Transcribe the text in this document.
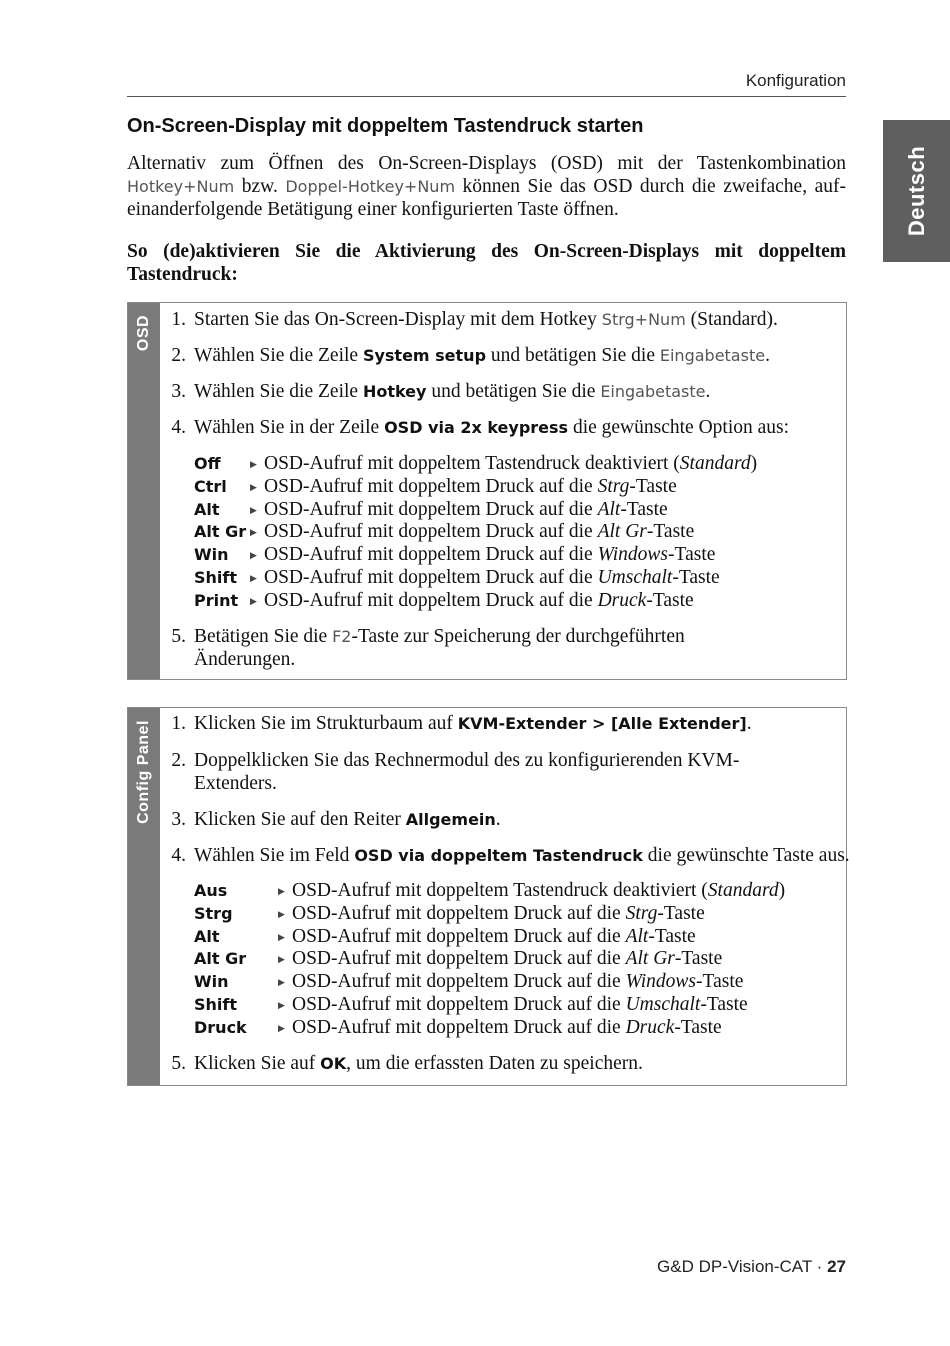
Konfiguration
Deutsch
On-Screen-Display mit doppeltem Tastendruck starten
Alternativ zum Öffnen des On-Screen-Displays (OSD) mit der Tastenkombination
Hotkey+Num bzw. Doppel-Hotkey+Num können Sie das OSD durch die zweifache, auf-
einanderfolgende Betätigung einer konfigurierten Taste öffnen.
So (de)aktivieren Sie die Aktivierung des On-Screen-Displays mit doppeltem
Tastendruck:
OSD 1. Starten Sie das On-Screen-Display mit dem Hotkey Strg+Num (Standard).
2. Wählen Sie die Zeile System setup und betätigen Sie die Eingabetaste.
3. Wählen Sie die Zeile Hotkey und betätigen Sie die Eingabetaste.
4. Wählen Sie in der Zeile OSD via 2x keypress die gewünschte Option aus:
Off	▶ OSD-Aufruf mit doppeltem Tastendruck deaktiviert (Standard)
Ctrl	▶ OSD-Aufruf mit doppeltem Druck auf die Strg-Taste
Alt	▶ OSD-Aufruf mit doppeltem Druck auf die Alt-Taste
Alt Gr ▶ OSD-Aufruf mit doppeltem Druck auf die Alt Gr-Taste
Win ▶ OSD-Aufruf mit doppeltem Druck auf die Windows-Taste
Shift ▶ OSD-Aufruf mit doppeltem Druck auf die Umschalt-Taste
Print ▶ OSD-Aufruf mit doppeltem Druck auf die Druck-Taste
5. Betätigen Sie die F2-Taste zur Speicherung der durchgeführten
Änderungen.
Config Panel 1. Klicken Sie im Strukturbaum auf KVM-Extender > [Alle Extender].
2. Doppelklicken Sie das Rechnermodul des zu konfigurierenden KVM-
Extenders.
3. Klicken Sie auf den Reiter Allgemein.
4. Wählen Sie im Feld OSD via doppeltem Tastendruck die gewünschte Taste aus.
Aus	▶ OSD-Aufruf mit doppeltem Tastendruck deaktiviert (Standard)
Strg	▶ OSD-Aufruf mit doppeltem Druck auf die Strg-Taste
Alt	▶ OSD-Aufruf mit doppeltem Druck auf die Alt-Taste
Alt Gr	▶ OSD-Aufruf mit doppeltem Druck auf die Alt Gr-Taste
Win	▶ OSD-Aufruf mit doppeltem Druck auf die Windows-Taste
Shift	▶ OSD-Aufruf mit doppeltem Druck auf die Umschalt-Taste
Druck	▶ OSD-Aufruf mit doppeltem Druck auf die Druck-Taste
5. Klicken Sie auf OK, um die erfassten Daten zu speichern.
G&D DP-Vision-CAT · 27
